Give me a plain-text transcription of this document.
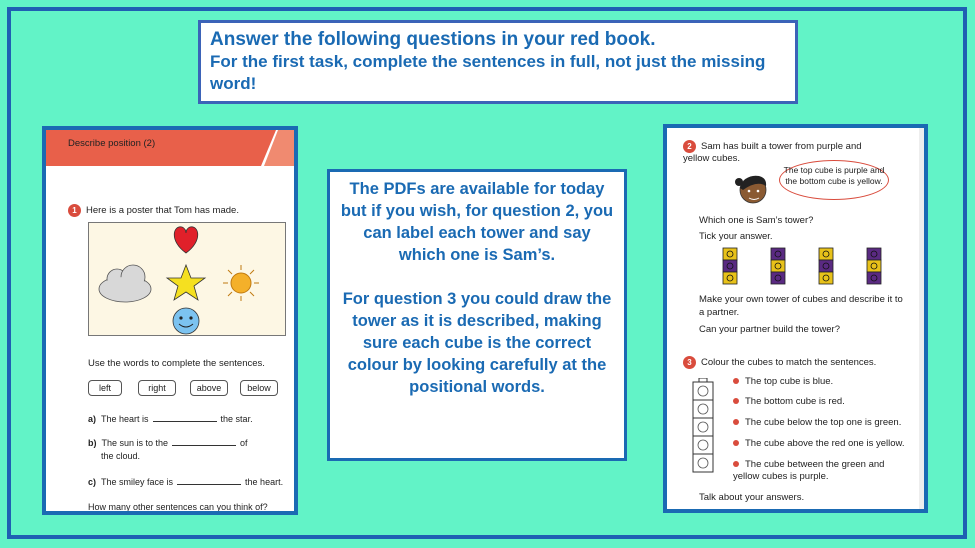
Answer the following questions in your red book.
For the first task, complete the sentences in full, not just the missing word!
Describe position (2)
1 Here is a poster that Tom has made.
Use the words to complete the sentences.
left	right	above	below
a) The heart is	the star.
b) The sun is to the	of
the cloud.
c) The smiley face is	the heart.
How many other sentences can you think of?

The PDFs are available for today but if you wish, for question 2, you can label each tower and say which one is Sam’s.

For question 3 you could draw the tower as it is described, making sure each cube is the correct colour by looking carefully at the positional words.

2 Sam has built a tower from purple and yellow cubes.
The top cube is purple and the bottom cube is yellow.
Which one is Sam’s tower?
Tick your answer.
Make your own tower of cubes and describe it to a partner.
Can your partner build the tower?
3 Colour the cubes to match the sentences.
The top cube is blue.
The bottom cube is red.
The cube below the top one is green.
The cube above the red one is yellow.
The cube between the green and yellow cubes is purple.
Talk about your answers.
